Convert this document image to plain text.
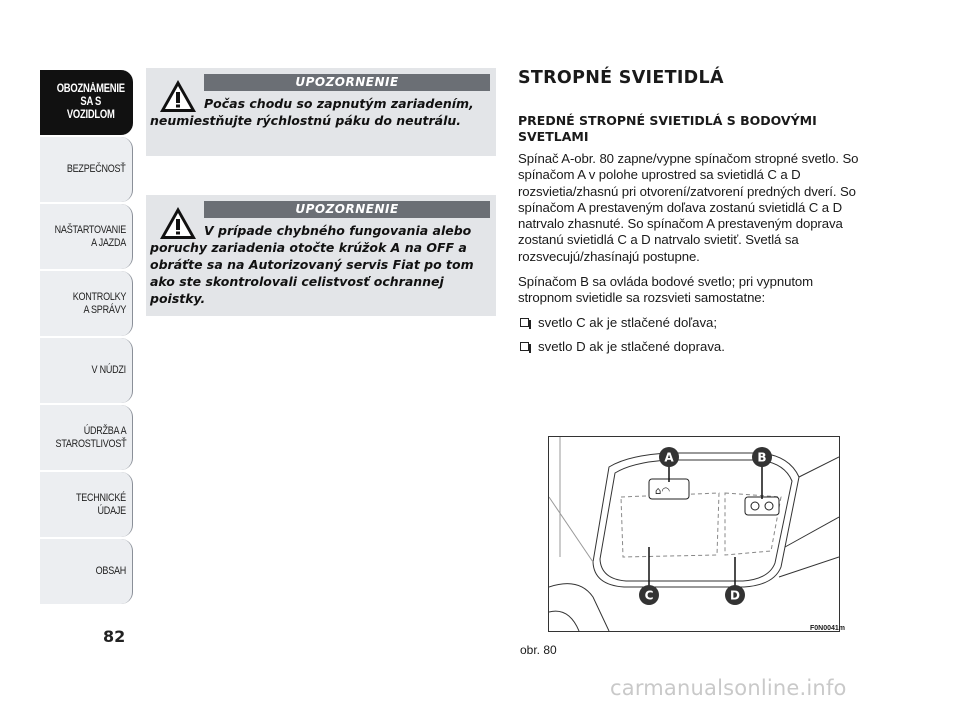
OBOZNÁMENIE
SA S VOZIDLOM
BEZPEČNOSŤ
NAŠTARTOVANIE
A JAZDA
KONTROLKY
A SPRÁVY
V NÚDZI
ÚDRŽBA A
STAROSTLIVOSŤ
TECHNICKÉ
ÚDAJE
OBSAH
82
UPOZORNENIE
Počas chodu so zapnutým zariadením, neumiestňujte rýchlostnú páku do neutrálu.
UPOZORNENIE
V prípade chybného fungovania alebo poruchy zariadenia otočte krúžok A na OFF a obráťte sa na Autorizovaný servis Fiat po tom ako ste skontrolovali celistvosť ochrannej poistky.
STROPNÉ SVIETIDLÁ
PREDNÉ STROPNÉ SVIETIDLÁ S BODOVÝMI SVETLAMI
Spínač A-obr. 80 zapne/vypne spínačom stropné svetlo. So spínačom A v polohe uprostred sa svietidlá C a D rozsvietia/zhasnú pri otvorení/zatvorení predných dverí. So spínačom A prestaveným doľava zostanú svietidlá C a D natrvalo zhasnuté. So spínačom A prestaveným doprava zostanú svietidlá C a D natrvalo svietiť. Svetlá sa rozsvecujú/zhasínajú postupne.
Spínačom B sa ovláda bodové svetlo; pri vypnutom stropnom svietidle sa rozsvieti samostatne:
svetlo C ak je stlačené doľava;
svetlo D ak je stlačené doprava.
⌂◠
A	B
C	D
F0N0041m
obr. 80
carmanualsonline.info
